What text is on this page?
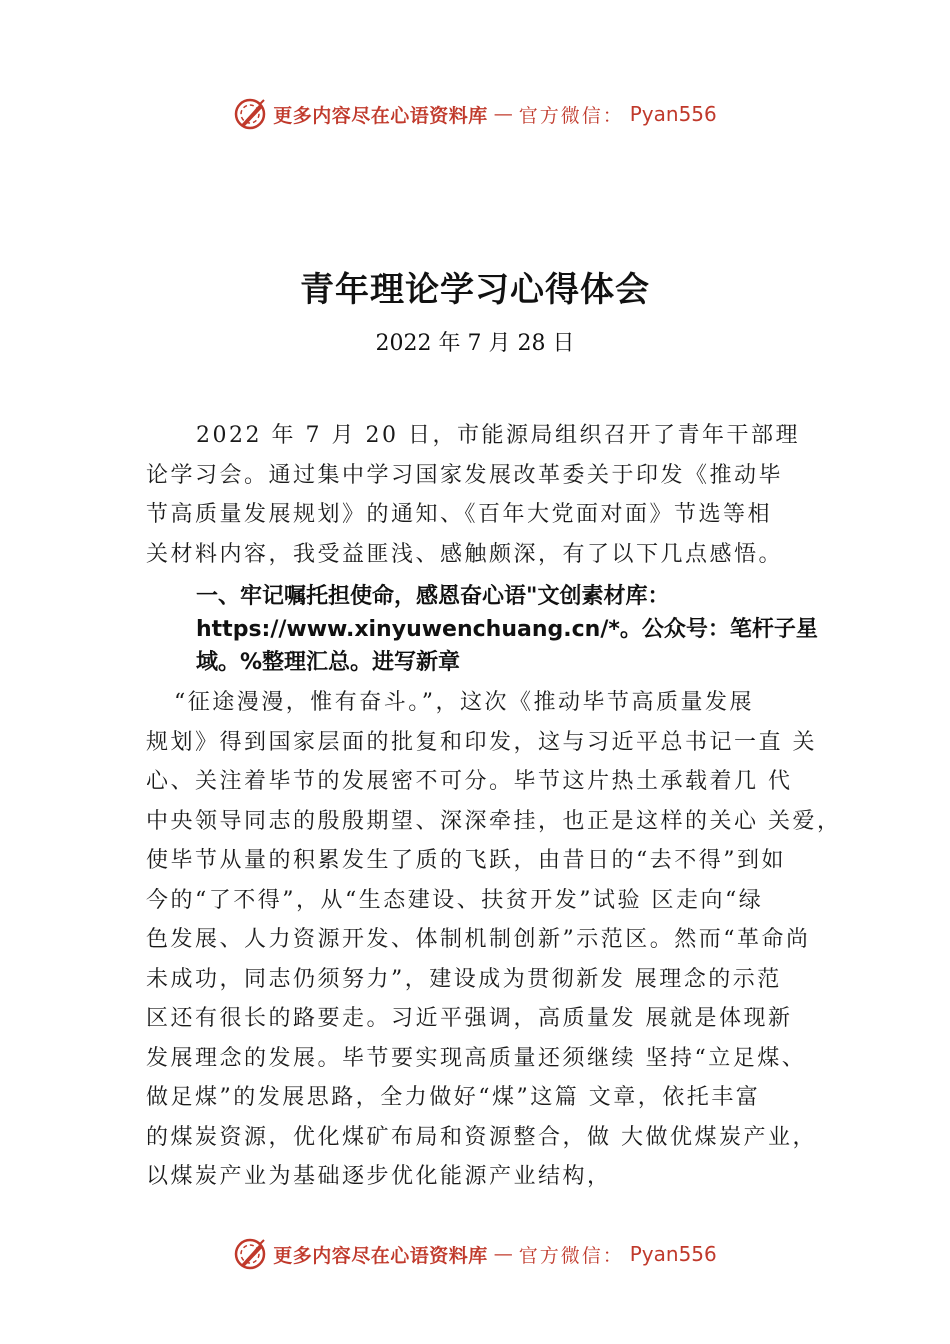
更多内容尽在心语资料库 — 官方微信： Pyan556
青年理论学习心得体会
2022 年 7 月 28 日

2022 年 7 月 20 日，市能源局组织召开了青年干部理
论学习会。通过集中学习国家发展改革委关于印发《推动毕
节高质量发展规划》的通知、《百年大党面对面》节选等相
关材料内容，我受益匪浅、感触颇深，有了以下几点感悟。

一、牢记嘱托担使命，感恩奋心语"文创素材库：
https://www.xinyuwenchuang.cn/*。公众号：笔杆子星
域。%整理汇总。进写新章

“征途漫漫，惟有奋斗。”，这次《推动毕节高质量发展
规划》得到国家层面的批复和印发，这与习近平总书记一直 关
心、关注着毕节的发展密不可分。毕节这片热土承载着几 代
中央领导同志的殷殷期望、深深牵挂，也正是这样的关心 关爱，
使毕节从量的积累发生了质的飞跃，由昔日的“去不得”到如
今的“了不得”，从“生态建设、扶贫开发”试验 区走向“绿
色发展、人力资源开发、体制机制创新”示范区。然而“革命尚
未成功，同志仍须努力”，建设成为贯彻新发 展理念的示范
区还有很长的路要走。习近平强调，高质量发 展就是体现新
发展理念的发展。毕节要实现高质量还须继续 坚持“立足煤、
做足煤”的发展思路，全力做好“煤”这篇 文章，依托丰富
的煤炭资源，优化煤矿布局和资源整合，做 大做优煤炭产业，
以煤炭产业为基础逐步优化能源产业结构，

更多内容尽在心语资料库 — 官方微信： Pyan556
